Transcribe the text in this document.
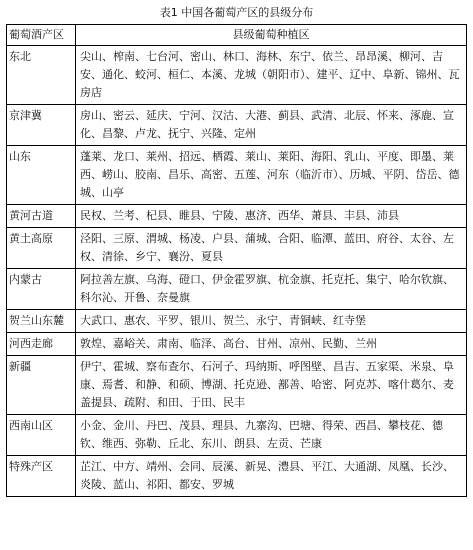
表1 中国各葡萄产区的县级分布
葡萄酒产区	县级葡萄种植区
东北	尖山、榨南、七台河、密山、林口、海林、东宁、依兰、昂昂溪、柳河、吉安、通化、蛟河、桓仁、本溪、龙城（朝阳市）、建平、辽中、阜新、锦州、瓦房店
京津冀	房山、密云、延庆、宁河、汉沽、大港、蓟县、武清、北辰、怀来、涿鹿、宣化、昌黎、卢龙、抚宁、兴隆、定州
山东	蓬莱、龙口、莱州、招远、栖霞、莱山、莱阳、海阳、乳山、平度、即墨、莱西、崂山、胶南、昌乐、高密、五莲、河东（临沂市）、历城、平阴、岱岳、德城、山亭
黄河古道	民权、兰考、杞县、睢县、宁陵、惠济、西华、萧县、丰县、沛县
黄土高原	泾阳、三原、渭城、杨凌、户县、蒲城、合阳、临潭、蓝田、府谷、太谷、左权、清徐、乡宁、襄汾、夏县
内蒙古	阿拉善左旗、乌海、磴口、伊金霍罗旗、杭金旗、托克托、集宁、哈尔钦旗、科尔沁、开鲁、奈曼旗
贺兰山东麓	大武口、惠农、平罗、银川、贺兰、永宁、青铜峡、红寺堡
河西走廊	敦煌、嘉峪关、肃南、临泽、高台、甘州、凉州、民勤、兰州
新疆	伊宁、霍城、察布查尔、石河子、玛纳斯、呼图壁、昌吉、五家渠、米泉、阜康、焉耆、和静、和硕、博湖、托克逊、鄯善、哈密、阿克苏、喀什葛尔、麦盖提县、疏附、和田、于田、民丰
西南山区	小金、金川、丹巴、茂县、理县、九寨沟、巴塘、得荣、西昌、攀枝花、德钦、维西、弥勒、丘北、东川、朗县、左贡、芒康
特殊产区	芷江、中方、靖州、会同、辰溪、新晃、澧县、平江、大通湖、凤凰、长沙、炎陵、蓝山、祁阳、都安、罗城
